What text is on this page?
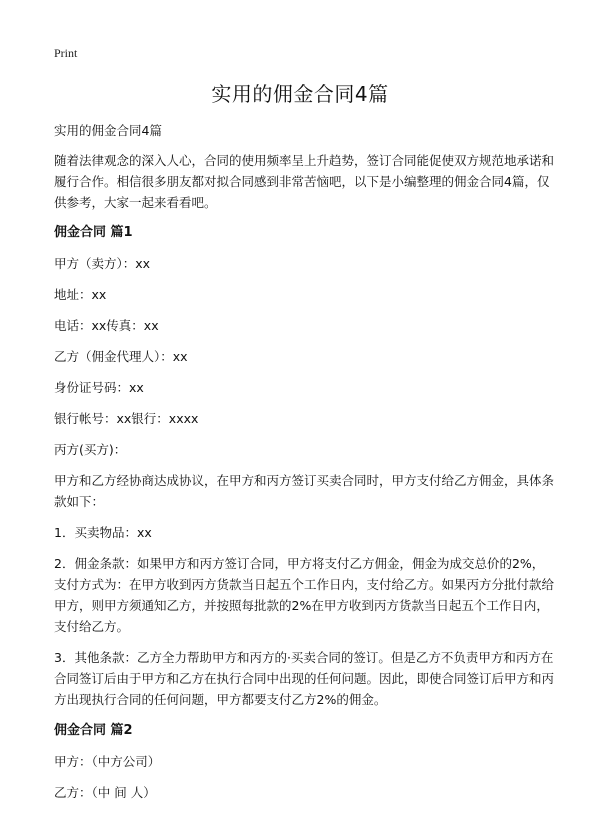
Print
实用的佣金合同4篇

实用的佣金合同4篇

随着法律观念的深入人心，合同的使用频率呈上升趋势，签订合同能促使双方规范地承诺和履行合作。相信很多朋友都对拟合同感到非常苦恼吧，以下是小编整理的佣金合同4篇，仅供参考，大家一起来看看吧。

佣金合同 篇1

甲方（卖方）：xx

地址：xx

电话：xx传真：xx

乙方（佣金代理人）：xx

身份证号码：xx

银行帐号：xx银行：xxxx

丙方(买方)：

甲方和乙方经协商达成协议，在甲方和丙方签订买卖合同时，甲方支付给乙方佣金，具体条款如下：

1．买卖物品：xx

2．佣金条款：如果甲方和丙方签订合同，甲方将支付乙方佣金，佣金为成交总价的2%，支付方式为：在甲方收到丙方货款当日起五个工作日内，支付给乙方。如果丙方分批付款给甲方，则甲方须通知乙方，并按照每批款的2%在甲方收到丙方货款当日起五个工作日内，支付给乙方。

3．其他条款：乙方全力帮助甲方和丙方的·买卖合同的签订。但是乙方不负责甲方和丙方在合同签订后由于甲方和乙方在执行合同中出现的任何问题。因此，即使合同签订后甲方和丙方出现执行合同的任何问题，甲方都要支付乙方2%的佣金。

佣金合同 篇2

甲方：（中方公司）

乙方：（中 间 人）
